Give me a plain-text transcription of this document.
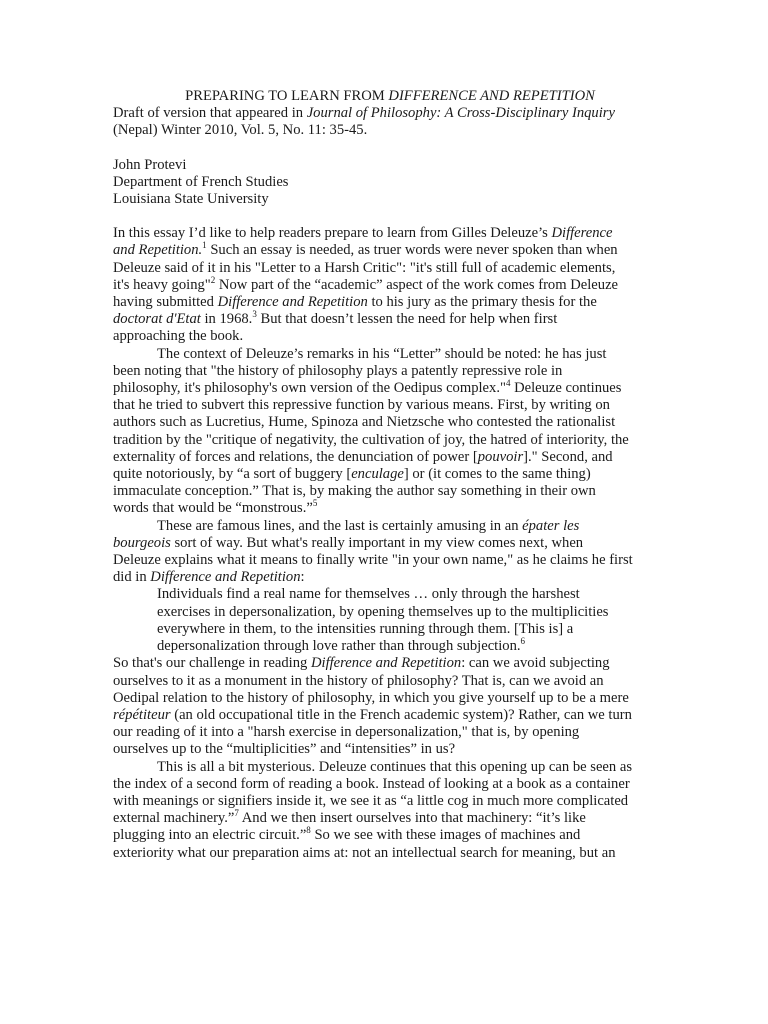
PREPARING TO LEARN FROM DIFFERENCE AND REPETITION

Draft of version that appeared in Journal of Philosophy: A Cross-Disciplinary Inquiry (Nepal) Winter 2010, Vol. 5, No. 11: 35-45.

John Protevi

Department of French Studies

Louisiana State University

In this essay I’d like to help readers prepare to learn from Gilles Deleuze’s Difference and Repetition.$^1$ Such an essay is needed, as truer words were never spoken than when Deleuze said of it in his "Letter to a Harsh Critic": "it's still full of academic elements, it's heavy going"$^2$ Now part of the “academic” aspect of the work comes from Deleuze having submitted Difference and Repetition to his jury as the primary thesis for the doctorat d'Etat in 1968.$^3$ But that doesn’t lessen the need for help when first approaching the book.

The context of Deleuze’s remarks in his “Letter” should be noted: he has just been noting that "the history of philosophy plays a patently repressive role in philosophy, it's philosophy's own version of the Oedipus complex."$^4$ Deleuze continues that he tried to subvert this repressive function by various means. First, by writing on authors such as Lucretius, Hume, Spinoza and Nietzsche who contested the rationalist tradition by the "critique of negativity, the cultivation of joy, the hatred of interiority, the externality of forces and relations, the denunciation of power [pouvoir]." Second, and quite notoriously, by “a sort of buggery [enculage] or (it comes to the same thing) immaculate conception.” That is, by making the author say something in their own words that would be “monstrous.”$^5$

These are famous lines, and the last is certainly amusing in an épater les bourgeois sort of way. But what's really important in my view comes next, when Deleuze explains what it means to finally write "in your own name," as he claims he first did in Difference and Repetition:

Individuals find a real name for themselves … only through the harshest exercises in depersonalization, by opening themselves up to the multiplicities everywhere in them, to the intensities running through them. [This is] a depersonalization through love rather than through subjection.$^6$

So that's our challenge in reading Difference and Repetition: can we avoid subjecting ourselves to it as a monument in the history of philosophy? That is, can we avoid an Oedipal relation to the history of philosophy, in which you give yourself up to be a mere répétiteur (an old occupational title in the French academic system)? Rather, can we turn our reading of it into a "harsh exercise in depersonalization," that is, by opening ourselves up to the “multiplicities” and “intensities” in us?

This is all a bit mysterious. Deleuze continues that this opening up can be seen as the index of a second form of reading a book. Instead of looking at a book as a container with meanings or signifiers inside it, we see it as “a little cog in much more complicated external machinery.”$^7$ And we then insert ourselves into that machinery: “it’s like plugging into an electric circuit.”$^8$ So we see with these images of machines and exteriority what our preparation aims at: not an intellectual search for meaning, but an
